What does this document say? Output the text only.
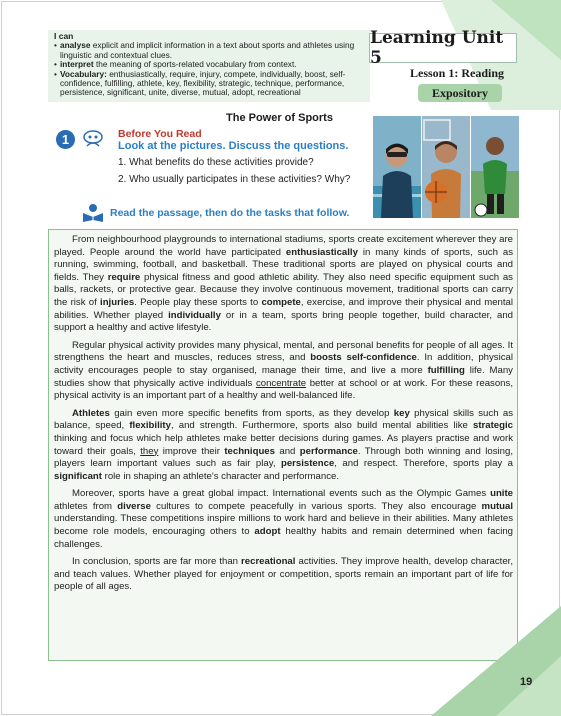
I can
• analyse explicit and implicit information in a text about sports and athletes using linguistic and contextual clues.
• interpret the meaning of sports-related vocabulary from context.
• Vocabulary: enthusiastically, require, injury, compete, individually, boost, self-confidence, fulfilling, athlete, key, flexibility, strategic, technique, performance, persistence, significant, unite, diverse, mutual, adopt, recreational
Learning Unit 5
Lesson 1: Reading
Expository
The Power of Sports
1	Before You Read
Look at the pictures. Discuss the questions.
1. What benefits do these activities provide?
2. Who usually participates in these activities? Why?
Read the passage, then do the tasks that follow.

From neighbourhood playgrounds to international stadiums, sports create excitement wherever they are played. People around the world have participated enthusiastically in many kinds of sports, such as running, swimming, football, and basketball. These traditional sports are played on physical courts and fields. They require physical fitness and good athletic ability. They also need specific equipment such as balls, rackets, or protective gear. Because they involve continuous movement, traditional sports can carry the risk of injuries. People play these sports to compete, exercise, and improve their physical and mental abilities. Whether played individually or in a team, sports bring people together, build character, and support a healthy and active lifestyle.

Regular physical activity provides many physical, mental, and personal benefits for people of all ages. It strengthens the heart and muscles, reduces stress, and boosts self-confidence. In addition, physical activity encourages people to stay organised, manage their time, and live a more fulfilling life. Many studies show that physically active individuals concentrate better at school or at work. For these reasons, physical activity is an important part of a healthy and well-balanced life.

Athletes gain even more specific benefits from sports, as they develop key physical skills such as balance, speed, flexibility, and strength. Furthermore, sports also build mental abilities like strategic thinking and focus which help athletes make better decisions during games. As players practise and work toward their goals, they improve their techniques and performance. Through both winning and losing, players learn important values such as fair play, persistence, and respect. Therefore, sports play a significant role in shaping an athlete's character and performance.

Moreover, sports have a great global impact. International events such as the Olympic Games unite athletes from diverse cultures to compete peacefully in various sports. They also encourage mutual understanding. These competitions inspire millions to work hard and believe in their abilities. Many athletes become role models, encouraging others to adopt healthy habits and remain determined when facing challenges.

In conclusion, sports are far more than recreational activities. They improve health, develop character, and teach values. Whether played for enjoyment or competition, sports remain an important part of life for people of all ages.

﻿
19
